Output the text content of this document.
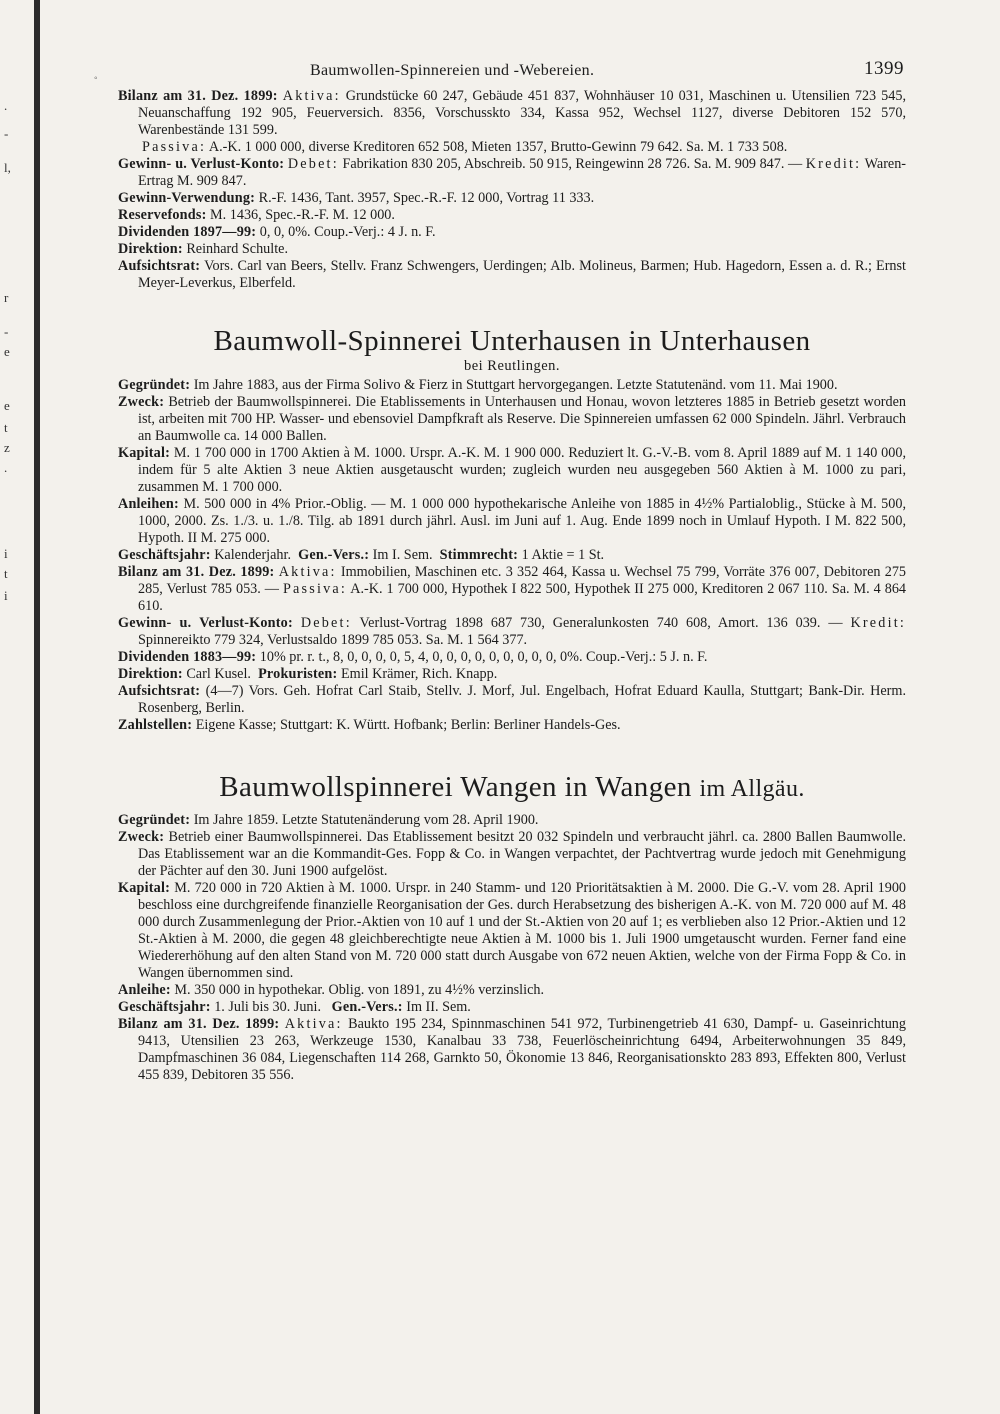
.
-
l,
r
-
e
e
t
z
.
i
t
i
◦	Baumwollen-Spinnereien und -Webereien.	1399

Bilanz am 31. Dez. 1899: Aktiva: Grundstücke 60 247, Gebäude 451 837, Wohnhäuser 10 031, Maschinen u. Utensilien 723 545, Neuanschaffung 192 905, Feuerversich. 8356, Vorschusskto 334, Kassa 952, Wechsel 1127, diverse Debitoren 152 570, Warenbestände 131 599.

Passiva: A.-K. 1 000 000, diverse Kreditoren 652 508, Mieten 1357, Brutto-Gewinn 79 642. Sa. M. 1 733 508.

Gewinn- u. Verlust-Konto: Debet: Fabrikation 830 205, Abschreib. 50 915, Reingewinn 28 726. Sa. M. 909 847. — Kredit: Waren-Ertrag M. 909 847.

Gewinn-Verwendung: R.-F. 1436, Tant. 3957, Spec.-R.-F. 12 000, Vortrag 11 333.

Reservefonds: M. 1436, Spec.-R.-F. M. 12 000.

Dividenden 1897—99: 0, 0, 0%. Coup.-Verj.: 4 J. n. F.

Direktion: Reinhard Schulte.

Aufsichtsrat: Vors. Carl van Beers, Stellv. Franz Schwengers, Uerdingen; Alb. Molineus, Barmen; Hub. Hagedorn, Essen a. d. R.; Ernst Meyer-Leverkus, Elberfeld.

Baumwoll-Spinnerei Unterhausen in Unterhausen

bei Reutlingen.

Gegründet: Im Jahre 1883, aus der Firma Solivo & Fierz in Stuttgart hervorgegangen. Letzte Statutenänd. vom 11. Mai 1900.

Zweck: Betrieb der Baumwollspinnerei. Die Etablissements in Unterhausen und Honau, wovon letzteres 1885 in Betrieb gesetzt worden ist, arbeiten mit 700 HP. Wasser- und ebensoviel Dampfkraft als Reserve. Die Spinnereien umfassen 62 000 Spindeln. Jährl. Verbrauch an Baumwolle ca. 14 000 Ballen.

Kapital: M. 1 700 000 in 1700 Aktien à M. 1000. Urspr. A.-K. M. 1 900 000. Reduziert lt. G.-V.-B. vom 8. April 1889 auf M. 1 140 000, indem für 5 alte Aktien 3 neue Aktien ausgetauscht wurden; zugleich wurden neu ausgegeben 560 Aktien à M. 1000 zu pari, zusammen M. 1 700 000.

Anleihen: M. 500 000 in 4% Prior.-Oblig. — M. 1 000 000 hypothekarische Anleihe von 1885 in 4½% Partialoblig., Stücke à M. 500, 1000, 2000. Zs. 1./3. u. 1./8. Tilg. ab 1891 durch jährl. Ausl. im Juni auf 1. Aug. Ende 1899 noch in Umlauf Hypoth. I M. 822 500, Hypoth. II M. 275 000.

Geschäftsjahr: Kalenderjahr. Gen.-Vers.: Im I. Sem. Stimmrecht: 1 Aktie = 1 St.

Bilanz am 31. Dez. 1899: Aktiva: Immobilien, Maschinen etc. 3 352 464, Kassa u. Wechsel 75 799, Vorräte 376 007, Debitoren 275 285, Verlust 785 053. — Passiva: A.-K. 1 700 000, Hypothek I 822 500, Hypothek II 275 000, Kreditoren 2 067 110. Sa. M. 4 864 610.

Gewinn- u. Verlust-Konto: Debet: Verlust-Vortrag 1898 687 730, Generalunkosten 740 608, Amort. 136 039. — Kredit: Spinnereikto 779 324, Verlustsaldo 1899 785 053. Sa. M. 1 564 377.

Dividenden 1883—99: 10% pr. r. t., 8, 0, 0, 0, 0, 5, 4, 0, 0, 0, 0, 0, 0, 0, 0, 0, 0%. Coup.-Verj.: 5 J. n. F.

Direktion: Carl Kusel. Prokuristen: Emil Krämer, Rich. Knapp.

Aufsichtsrat: (4—7) Vors. Geh. Hofrat Carl Staib, Stellv. J. Morf, Jul. Engelbach, Hofrat Eduard Kaulla, Stuttgart; Bank-Dir. Herm. Rosenberg, Berlin.

Zahlstellen: Eigene Kasse; Stuttgart: K. Württ. Hofbank; Berlin: Berliner Handels-Ges.

Baumwollspinnerei Wangen in Wangen im Allgäu.

Gegründet: Im Jahre 1859. Letzte Statutenänderung vom 28. April 1900.

Zweck: Betrieb einer Baumwollspinnerei. Das Etablissement besitzt 20 032 Spindeln und verbraucht jährl. ca. 2800 Ballen Baumwolle. Das Etablissement war an die Kommandit-Ges. Fopp & Co. in Wangen verpachtet, der Pachtvertrag wurde jedoch mit Genehmigung der Pächter auf den 30. Juni 1900 aufgelöst.

Kapital: M. 720 000 in 720 Aktien à M. 1000. Urspr. in 240 Stamm- und 120 Prioritätsaktien à M. 2000. Die G.-V. vom 28. April 1900 beschloss eine durchgreifende finanzielle Reorganisation der Ges. durch Herabsetzung des bisherigen A.-K. von M. 720 000 auf M. 48 000 durch Zusammenlegung der Prior.-Aktien von 10 auf 1 und der St.-Aktien von 20 auf 1; es verblieben also 12 Prior.-Aktien und 12 St.-Aktien à M. 2000, die gegen 48 gleichberechtigte neue Aktien à M. 1000 bis 1. Juli 1900 umgetauscht wurden. Ferner fand eine Wiedererhöhung auf den alten Stand von M. 720 000 statt durch Ausgabe von 672 neuen Aktien, welche von der Firma Fopp & Co. in Wangen übernommen sind.

Anleihe: M. 350 000 in hypothekar. Oblig. von 1891, zu 4½% verzinslich.

Geschäftsjahr: 1. Juli bis 30. Juni. Gen.-Vers.: Im II. Sem.

Bilanz am 31. Dez. 1899: Aktiva: Baukto 195 234, Spinnmaschinen 541 972, Turbinengetrieb 41 630, Dampf- u. Gaseinrichtung 9413, Utensilien 23 263, Werkzeuge 1530, Kanalbau 33 738, Feuerlöscheinrichtung 6494, Arbeiterwohnungen 35 849, Dampfmaschinen 36 084, Liegenschaften 114 268, Garnkto 50, Ökonomie 13 846, Reorganisationskto 283 893, Effekten 800, Verlust 455 839, Debitoren 35 556.
